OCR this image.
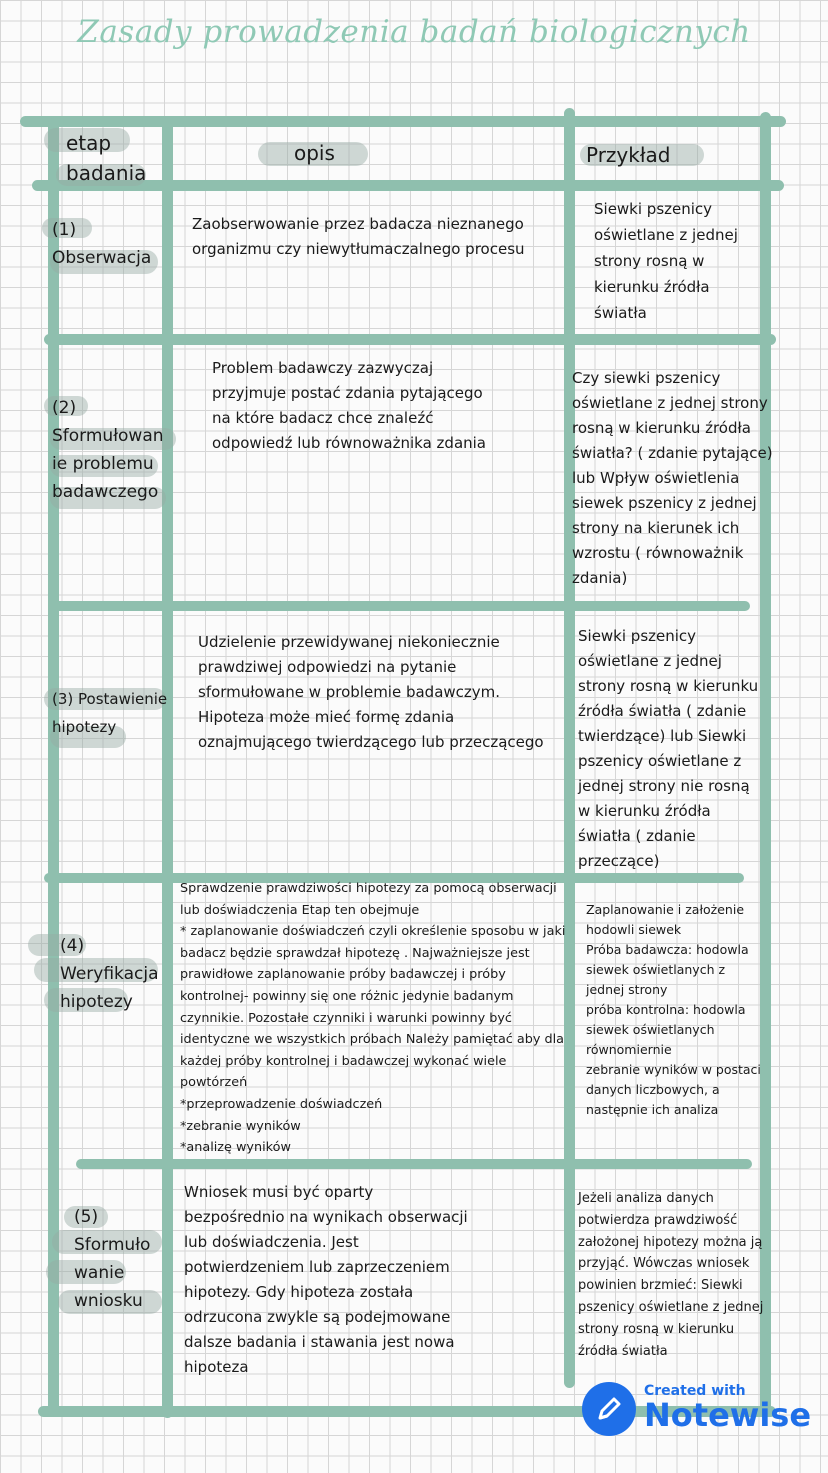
Zasady prowadzenia badań biologicznych
etap
badania
opis	Przykład
(1)
Obserwacja
Zaobserwowanie przez badacza nieznanego
organizmu czy niewytłumaczalnego procesu
Siewki pszenicy
oświetlane z jednej
strony rosną w
kierunku źródła
światła
(2)
Sformułowan
ie problemu
badawczego
Problem badawczy zazwyczaj
przyjmuje postać zdania pytającego
na które badacz chce znaleźć
odpowiedź lub równoważnika zdania
Czy siewki pszenicy
oświetlane z jednej strony
rosną w kierunku źródła
światła? ( zdanie pytające)
lub Wpływ oświetlenia
siewek pszenicy z jednej
strony na kierunek ich
wzrostu ( równoważnik
zdania)
(3) Postawienie
hipotezy
Udzielenie przewidywanej niekoniecznie
prawdziwej odpowiedzi na pytanie
sformułowane w problemie badawczym.
Hipoteza może mieć formę zdania
oznajmującego twierdzącego lub przeczącego
Siewki pszenicy
oświetlane z jednej
strony rosną w kierunku
źródła światła ( zdanie
twierdzące) lub Siewki
pszenicy oświetlane z
jednej strony nie rosną
w kierunku źródła
światła ( zdanie
przeczące)
(4)
Weryfikacja
hipotezy
Sprawdzenie prawdziwości hipotezy za pomocą obserwacji
lub doświadczenia Etap ten obejmuje
* zaplanowanie doświadczeń czyli określenie sposobu w jaki
badacz będzie sprawdzał hipotezę . Najważniejsze jest
prawidłowe zaplanowanie próby badawczej i próby
kontrolnej- powinny się one różnic jedynie badanym
czynnikie. Pozostałe czynniki i warunki powinny być
identyczne we wszystkich próbach Należy pamiętać aby dla
każdej próby kontrolnej i badawczej wykonać wiele
powtórzeń
*przeprowadzenie doświadczeń
*zebranie wyników
*analizę wyników
Zaplanowanie i założenie
hodowli siewek
Próba badawcza: hodowla
siewek oświetlanych z
jednej strony
próba kontrolna: hodowla
siewek oświetlanych
równomiernie
zebranie wyników w postaci
danych liczbowych, a
następnie ich analiza
(5)
Sformuło
wanie
wniosku
Wniosek musi być oparty
bezpośrednio na wynikach obserwacji
lub doświadczenia. Jest
potwierdzeniem lub zaprzeczeniem
hipotezy. Gdy hipoteza została
odrzucona zwykle są podejmowane
dalsze badania i stawania jest nowa
hipoteza
Jeżeli analiza danych
potwierdza prawdziwość
założonej hipotezy można ją
przyjąć. Wówczas wniosek
powinien brzmieć: Siewki
pszenicy oświetlane z jednej
strony rosną w kierunku
źródła światła
Created with
Notewise
